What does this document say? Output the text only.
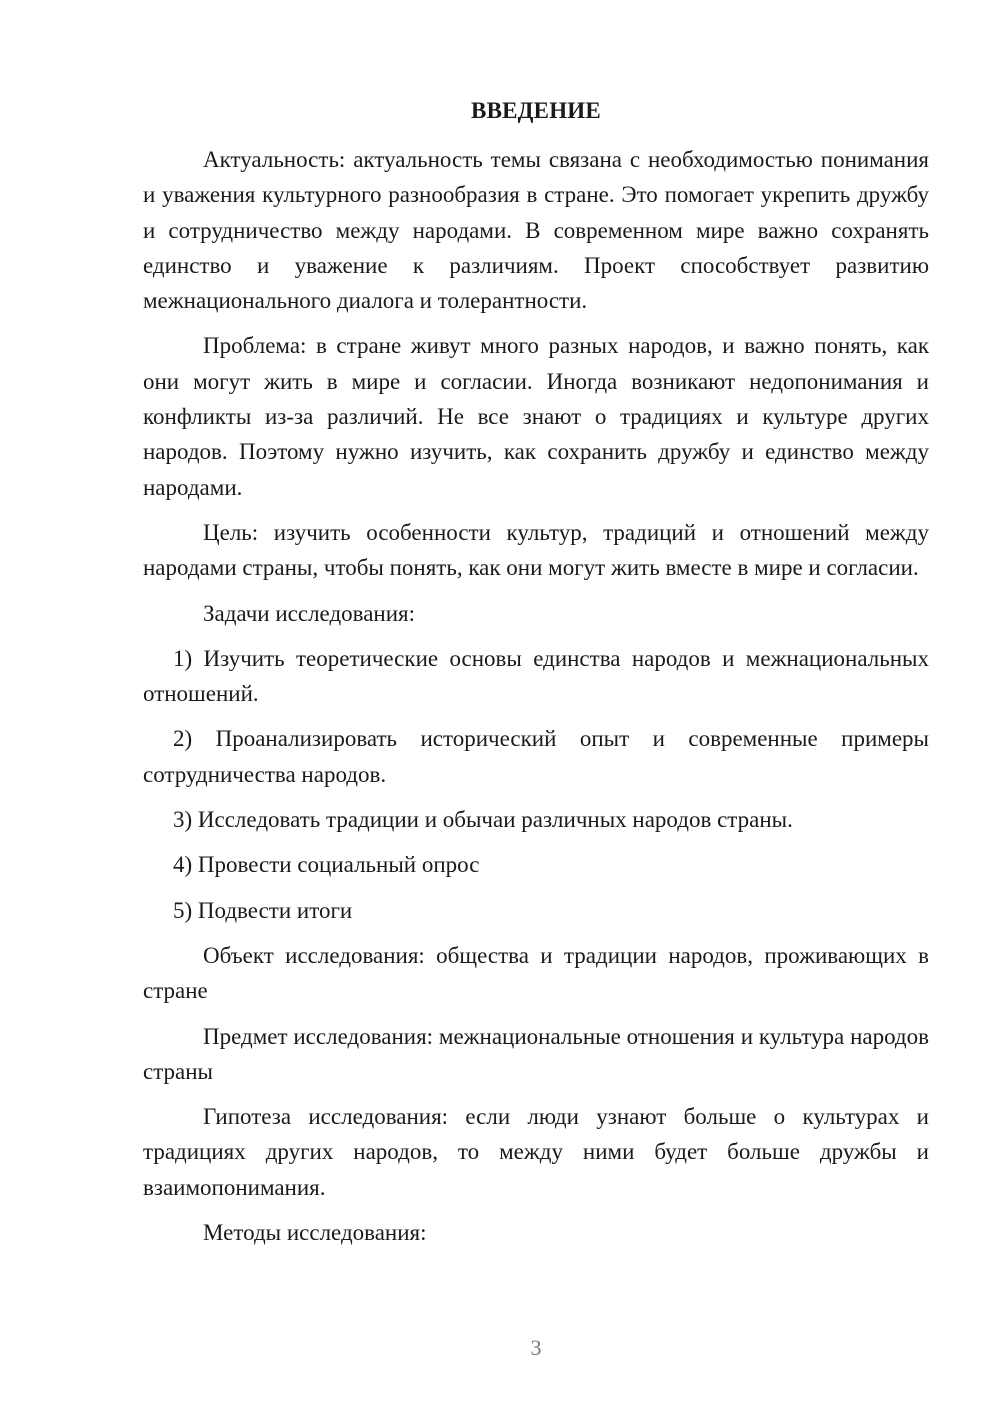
ВВЕДЕНИЕ

Актуальность: актуальность темы связана с необходимостью понимания и уважения культурного разнообразия в стране. Это помогает укрепить дружбу и сотрудничество между народами. В современном мире важно сохранять единство и уважение к различиям. Проект способствует развитию межнационального диалога и толерантности.

Проблема: в стране живут много разных народов, и важно понять, как они могут жить в мире и согласии. Иногда возникают недопонимания и конфликты из-за различий. Не все знают о традициях и культуре других народов. Поэтому нужно изучить, как сохранить дружбу и единство между народами.

Цель: изучить особенности культур, традиций и отношений между народами страны, чтобы понять, как они могут жить вместе в мире и согласии.

Задачи исследования:

1) Изучить теоретические основы единства народов и межнациональных отношений.

2) Проанализировать исторический опыт и современные примеры сотрудничества народов.

3) Исследовать традиции и обычаи различных народов страны.

4) Провести социальный опрос

5) Подвести итоги

Объект исследования: общества и традиции народов, проживающих в стране

Предмет исследования: межнациональные отношения и культура народов страны

Гипотеза исследования: если люди узнают больше о культурах и традициях других народов, то между ними будет больше дружбы и взаимопонимания.

Методы исследования:

3
